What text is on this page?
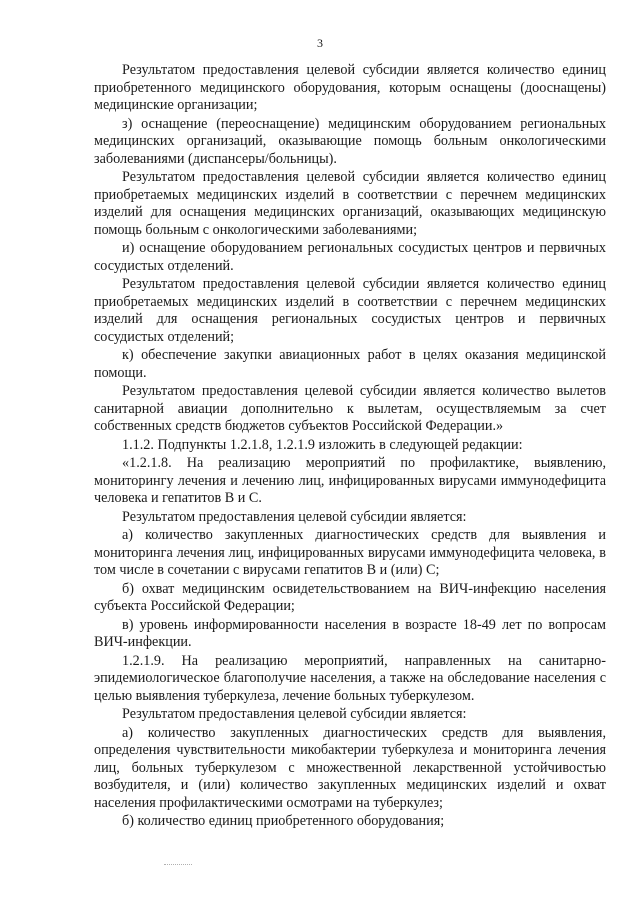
3

Результатом предоставления целевой субсидии является количество единиц приобретенного медицинского оборудования, которым оснащены (дооснащены) медицинские организации;

з) оснащение (переоснащение) медицинским оборудованием региональных медицинских организаций, оказывающие помощь больным онкологическими заболеваниями (диспансеры/больницы).

Результатом предоставления целевой субсидии является количество единиц приобретаемых медицинских изделий в соответствии с перечнем медицинских изделий для оснащения медицинских организаций, оказывающих медицинскую помощь больным с онкологическими заболеваниями;

и) оснащение оборудованием региональных сосудистых центров и первичных сосудистых отделений.

Результатом предоставления целевой субсидии является количество единиц приобретаемых медицинских изделий в соответствии с перечнем медицинских изделий для оснащения региональных сосудистых центров и первичных сосудистых отделений;

к) обеспечение закупки авиационных работ в целях оказания медицинской помощи.

Результатом предоставления целевой субсидии является количество вылетов санитарной авиации дополнительно к вылетам, осуществляемым за счет собственных средств бюджетов субъектов Российской Федерации.»

1.1.2. Подпункты 1.2.1.8, 1.2.1.9 изложить в следующей редакции:

«1.2.1.8. На реализацию мероприятий по профилактике, выявлению, мониторингу лечения и лечению лиц, инфицированных вирусами иммунодефицита человека и гепатитов В и С.

Результатом предоставления целевой субсидии является:

а) количество закупленных диагностических средств для выявления и мониторинга лечения лиц, инфицированных вирусами иммунодефицита человека, в том числе в сочетании с вирусами гепатитов В и (или) С;

б) охват медицинским освидетельствованием на ВИЧ-инфекцию населения субъекта Российской Федерации;

в) уровень информированности населения в возрасте 18-49 лет по вопросам ВИЧ-инфекции.

1.2.1.9. На реализацию мероприятий, направленных на санитарно-эпидемиологическое благополучие населения, а также на обследование населения с целью выявления туберкулеза, лечение больных туберкулезом.

Результатом предоставления целевой субсидии является:

а) количество закупленных диагностических средств для выявления, определения чувствительности микобактерии туберкулеза и мониторинга лечения лиц, больных туберкулезом с множественной лекарственной устойчивостью возбудителя, и (или) количество закупленных медицинских изделий и охват населения профилактическими осмотрами на туберкулез;

б) количество единиц приобретенного оборудования;
